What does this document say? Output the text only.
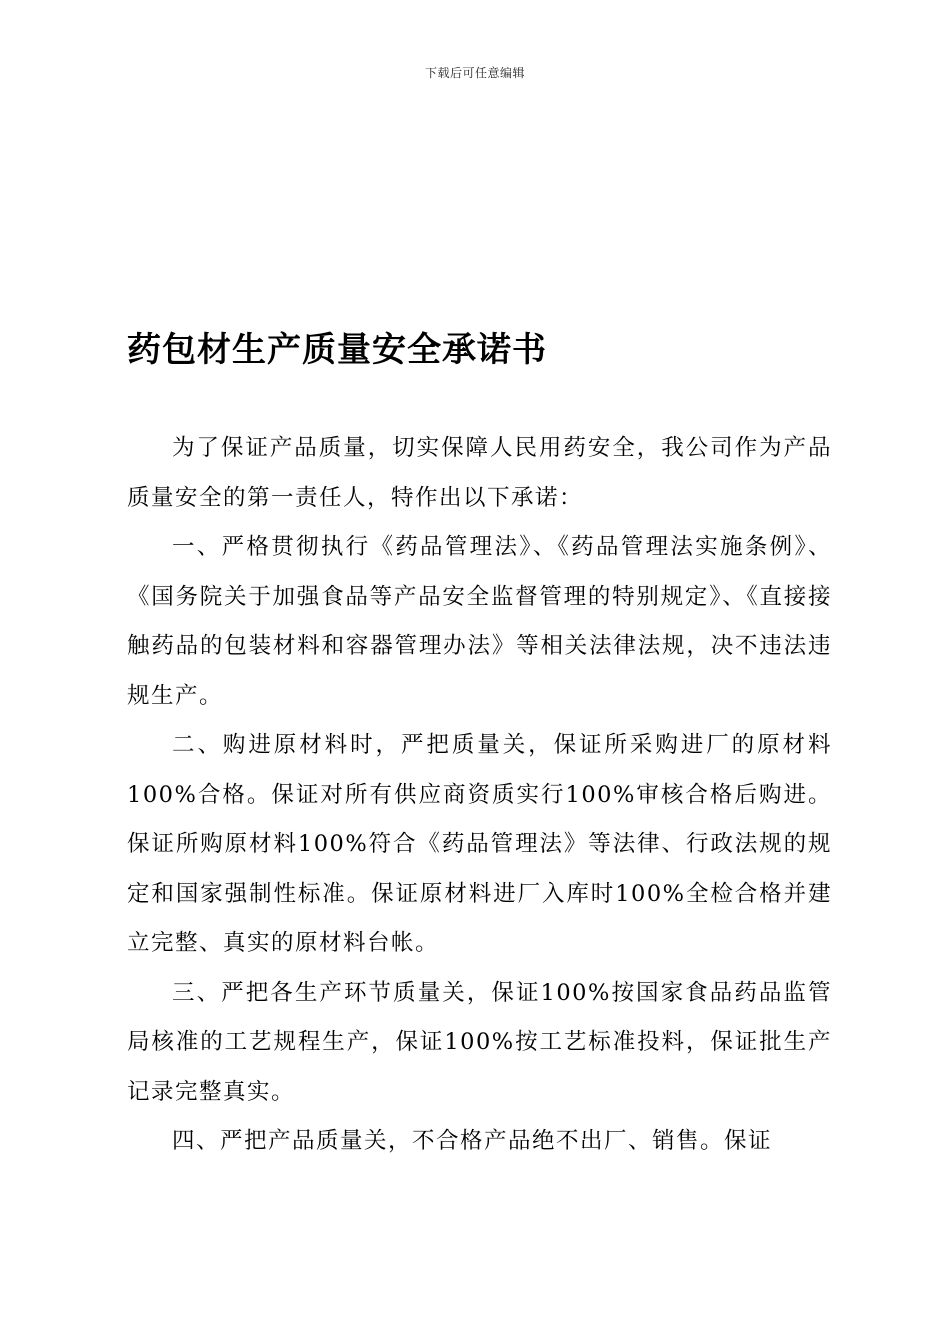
下载后可任意编辑
药包材生产质量安全承诺书

为了保证产品质量，切实保障人民用药安全，我公司作为产品质量安全的第一责任人，特作出以下承诺：

一、严格贯彻执行《药品管理法》、《药品管理法实施条例》、《国务院关于加强食品等产品安全监督管理的特别规定》、《直接接触药品的包装材料和容器管理办法》等相关法律法规，决不违法违规生产。

二、购进原材料时，严把质量关，保证所采购进厂的原材料100%合格。保证对所有供应商资质实行100%审核合格后购进。保证所购原材料100%符合《药品管理法》等法律、行政法规的规定和国家强制性标准。保证原材料进厂入库时100%全检合格并建立完整、真实的原材料台帐。

三、严把各生产环节质量关，保证100%按国家食品药品监管局核准的工艺规程生产，保证100%按工艺标准投料，保证批生产记录完整真实。

四、严把产品质量关，不合格产品绝不出厂、销售。保证
